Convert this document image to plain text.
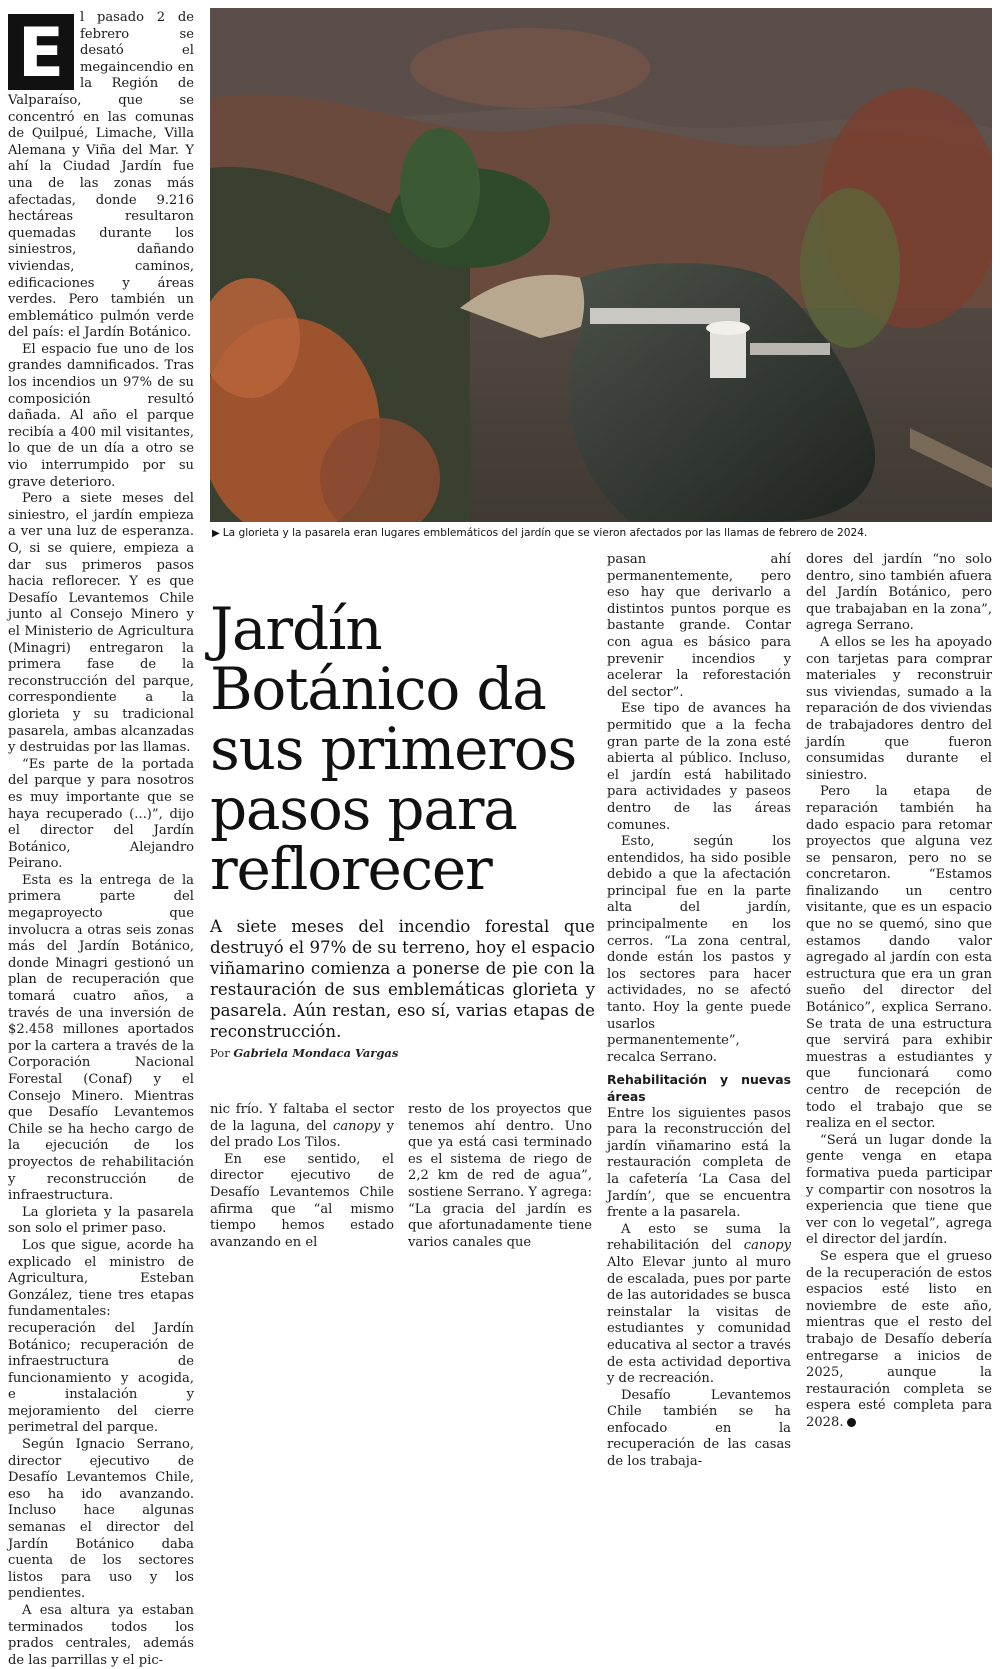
E	l pasado 2 de febrero se desató el megaincendio en la Región de Valparaíso, que se concentró en las comunas de Quilpué, Limache, Villa Alemana y Viña del Mar. Y ahí la Ciudad Jardín fue una de las zonas más afectadas, donde 9.216 hectáreas resultaron quemadas durante los siniestros, dañando viviendas, caminos, edificaciones y áreas verdes. Pero también un emblemático pulmón verde del país: el Jardín Botánico.

El espacio fue uno de los grandes damnificados. Tras los incendios un 97% de su composición resultó dañada. Al año el parque recibía a 400 mil visitantes, lo que de un día a otro se vio interrumpido por su grave deterioro.

Pero a siete meses del siniestro, el jardín empieza a ver una luz de esperanza. O, si se quiere, empieza a dar sus primeros pasos hacia reflorecer. Y es que Desafío Levantemos Chile junto al Consejo Minero y el Ministerio de Agricultura (Minagri) entregaron la primera fase de la reconstrucción del parque, correspondiente a la glorieta y su tradicional pasarela, ambas alcanzadas y destruidas por las llamas.

“Es parte de la portada del parque y para nosotros es muy importante que se haya recuperado (...)”, dijo el director del Jardín Botánico, Alejandro Peirano.

Esta es la entrega de la primera parte del megaproyecto que involucra a otras seis zonas más del Jardín Botánico, donde Minagri gestionó un plan de recuperación que tomará cuatro años, a través de una inversión de $2.458 millones aportados por la cartera a través de la Corporación Nacional Forestal (Conaf) y el Consejo Minero. Mientras que Desafío Levantemos Chile se ha hecho cargo de la ejecución de los proyectos de rehabilitación y reconstrucción de infraestructura.

La glorieta y la pasarela son solo el primer paso.

Los que sigue, acorde ha explicado el ministro de Agricultura, Esteban González, tiene tres etapas fundamentales: recuperación del Jardín Botánico; recuperación de infraestructura de funcionamiento y acogida, e instalación y mejoramiento del cierre perimetral del parque.

Según Ignacio Serrano, director ejecutivo de Desafío Levantemos Chile, eso ha ido avanzando. Incluso hace algunas semanas el director del Jardín Botánico daba cuenta de los sectores listos para uso y los pendientes.

A esa altura ya estaban terminados todos los prados centrales, además de las parrillas y el pic-

▶ La glorieta y la pasarela eran lugares emblemáticos del jardín que se vieron afectados por las llamas de febrero de 2024.
Jardín Botánico da sus primeros pasos para reflorecer
A siete meses del incendio forestal que destruyó el 97% de su terreno, hoy el espacio viñamarino comienza a ponerse de pie con la restauración de sus emblemáticas glorieta y pasarela. Aún restan, eso sí, varias etapas de reconstrucción.
Por Gabriela Mondaca Vargas

nic frío. Y faltaba el sector de la laguna, del canopy y del prado Los Tilos.

En ese sentido, el director ejecutivo de Desafío Levantemos Chile afirma que “al mismo tiempo hemos estado avanzando en el

resto de los proyectos que tenemos ahí dentro. Uno que ya está casi terminado es el sistema de riego de 2,2 km de red de agua”, sostiene Serrano. Y agrega: “La gracia del jardín es que afortunadamente tiene varios canales que

pasan ahí permanentemente, pero eso hay que derivarlo a distintos puntos porque es bastante grande. Contar con agua es básico para prevenir incendios y acelerar la reforestación del sector”.

Ese tipo de avances ha permitido que a la fecha gran parte de la zona esté abierta al público. Incluso, el jardín está habilitado para actividades y paseos dentro de las áreas comunes.

Esto, según los entendidos, ha sido posible debido a que la afectación principal fue en la parte alta del jardín, principalmente en los cerros. “La zona central, donde están los pastos y los sectores para hacer actividades, no se afectó tanto. Hoy la gente puede usarlos permanentemente”, recalca Serrano.

Rehabilitación y nuevas áreas

Entre los siguientes pasos para la reconstrucción del jardín viñamarino está la restauración completa de la cafetería ‘La Casa del Jardín’, que se encuentra frente a la pasarela.

A esto se suma la rehabilitación del canopy Alto Elevar junto al muro de escalada, pues por parte de las autoridades se busca reinstalar la visitas de estudiantes y comunidad educativa al sector a través de esta actividad deportiva y de recreación.

Desafío Levantemos Chile también se ha enfocado en la recuperación de las casas de los trabaja-

dores del jardín “no solo dentro, sino también afuera del Jardín Botánico, pero que trabajaban en la zona”, agrega Serrano.

A ellos se les ha apoyado con tarjetas para comprar materiales y reconstruir sus viviendas, sumado a la reparación de dos viviendas de trabajadores dentro del jardín que fueron consumidas durante el siniestro.

Pero la etapa de reparación también ha dado espacio para retomar proyectos que alguna vez se pensaron, pero no se concretaron. “Estamos finalizando un centro visitante, que es un espacio que no se quemó, sino que estamos dando valor agregado al jardín con esta estructura que era un gran sueño del director del Botánico”, explica Serrano. Se trata de una estructura que servirá para exhibir muestras a estudiantes y que funcionará como centro de recepción de todo el trabajo que se realiza en el sector.

“Será un lugar donde la gente venga en etapa formativa pueda participar y compartir con nosotros la experiencia que tiene que ver con lo vegetal”, agrega el director del jardín.

Se espera que el grueso de la recuperación de estos espacios esté listo en noviembre de este año, mientras que el resto del trabajo de Desafío debería entregarse a inicios de 2025, aunque la restauración completa se espera esté completa para 2028.
